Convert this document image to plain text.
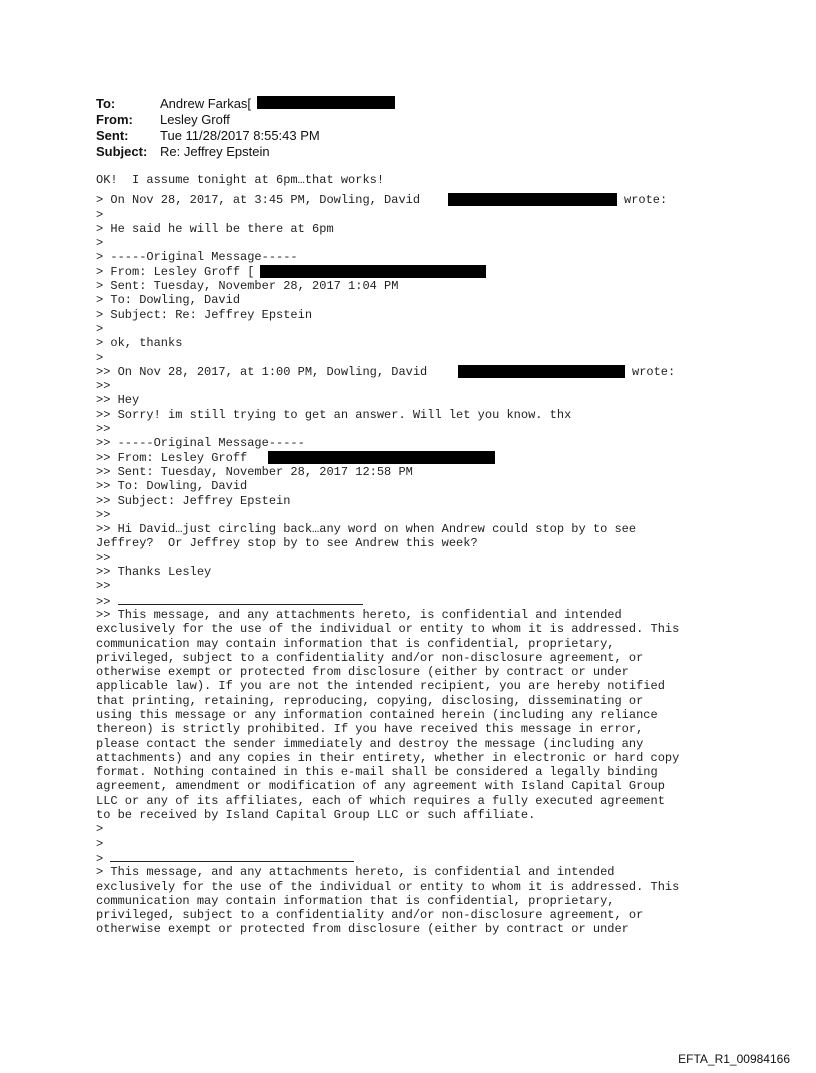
To:	Andrew Farkas[
From: Lesley Groff
Sent: Tue 11/28/2017 8:55:43 PM
Subject: Re: Jeffrey Epstein
OK!  I assume tonight at 6pm…that works!
> On Nov 28, 2017, at 3:45 PM, Dowling, David	wrote:
>
> He said he will be there at 6pm
>
> -----Original Message-----
> From: Lesley Groff [
> Sent: Tuesday, November 28, 2017 1:04 PM
> To: Dowling, David
> Subject: Re: Jeffrey Epstein
>
> ok, thanks
>
>> On Nov 28, 2017, at 1:00 PM, Dowling, David	wrote:
>>
>> Hey
>> Sorry! im still trying to get an answer. Will let you know. thx
>>
>> -----Original Message-----
>> From: Lesley Groff
>> Sent: Tuesday, November 28, 2017 12:58 PM
>> To: Dowling, David
>> Subject: Jeffrey Epstein
>>
>> Hi David…just circling back…any word on when Andrew could stop by to see
Jeffrey?  Or Jeffrey stop by to see Andrew this week?
>>
>> Thanks Lesley
>>
>>
>> This message, and any attachments hereto, is confidential and intended
exclusively for the use of the individual or entity to whom it is addressed. This
communication may contain information that is confidential, proprietary,
privileged, subject to a confidentiality and/or non-disclosure agreement, or
otherwise exempt or protected from disclosure (either by contract or under
applicable law). If you are not the intended recipient, you are hereby notified
that printing, retaining, reproducing, copying, disclosing, disseminating or
using this message or any information contained herein (including any reliance
thereon) is strictly prohibited. If you have received this message in error,
please contact the sender immediately and destroy the message (including any
attachments) and any copies in their entirety, whether in electronic or hard copy
format. Nothing contained in this e-mail shall be considered a legally binding
agreement, amendment or modification of any agreement with Island Capital Group
LLC or any of its affiliates, each of which requires a fully executed agreement
to be received by Island Capital Group LLC or such affiliate.
>
>
>
> This message, and any attachments hereto, is confidential and intended
exclusively for the use of the individual or entity to whom it is addressed. This
communication may contain information that is confidential, proprietary,
privileged, subject to a confidentiality and/or non-disclosure agreement, or
otherwise exempt or protected from disclosure (either by contract or under
EFTA_R1_00984166
